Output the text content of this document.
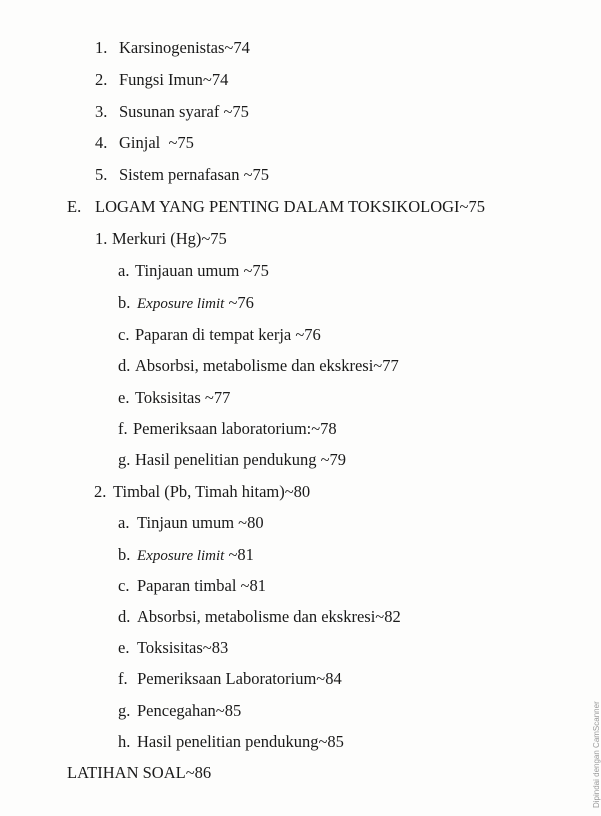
1. Karsinogenistas~74
2. Fungsi Imun~74
3. Susunan syaraf ~75
4. Ginjal  ~75
5. Sistem pernafasan ~75
E. LOGAM YANG PENTING DALAM TOKSIKOLOGI~75
1. Merkuri (Hg)~75
a. Tinjauan umum ~75
b. Exposure limit ~76
c. Paparan di tempat kerja ~76
d. Absorbsi, metabolisme dan ekskresi~77
e. Toksisitas ~77
f. Pemeriksaan laboratorium:~78
g. Hasil penelitian pendukung ~79
2. Timbal (Pb, Timah hitam)~80
a. Tinjaun umum ~80
b. Exposure limit ~81
c. Paparan timbal ~81
d. Absorbsi, metabolisme dan ekskresi~82
e. Toksisitas~83
f. Pemeriksaan Laboratorium~84
g. Pencegahan~85
h. Hasil penelitian pendukung~85
LATIHAN SOAL~86	Dipindai dengan CamScanner
